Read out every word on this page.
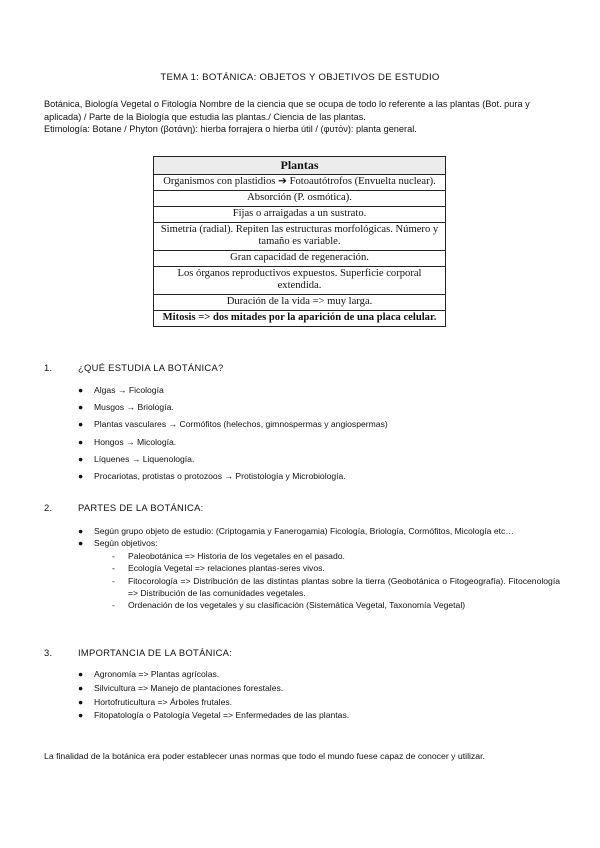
TEMA 1: BOTÁNICA: OBJETOS Y OBJETIVOS DE ESTUDIO

Botánica, Biología Vegetal o Fitología Nombre de la ciencia que se ocupa de todo lo referente a las plantas (Bot. pura y aplicada) / Parte de la Biología que estudia las plantas./ Ciencia de las plantas.

Etimología: Botane / Phyton (βοτάνη): hierba forrajera o hierba útil / (φυτόν): planta general.

Plantas
Organismos con plastidios ➔ Fotoautótrofos (Envuelta nuclear).
Absorción (P. osmótica).
Fijas o arraigadas a un sustrato.
Simetría (radial). Repiten las estructuras morfológicas. Número y tamaño es variable.
Gran capacidad de regeneración.
Los órganos reproductivos expuestos. Superficie corporal extendida.
Duración de la vida => muy larga.
Mitosis => dos mitades por la aparición de una placa celular.
1.	¿QUÉ ESTUDIA LA BOTÁNICA?
● Algas → Ficología
● Musgos → Briología.
● Plantas vasculares → Cormófitos (helechos, gimnospermas y angiospermas)
● Hongos → Micología.
● Líquenes → Liquenología.
● Procariotas, protistas o protozoos → Protistología y Microbiología.
2.	PARTES DE LA BOTÁNICA:
● Según grupo objeto de estudio: (Criptogamia y Fanerogamia) Ficología, Briología, Cormófitos, Micología etc…
● Según objetivos:
- Paleobotánica => Historia de los vegetales en el pasado.
- Ecología Vegetal => relaciones plantas-seres vivos.
- Fitocorología => Distribución de las distintas plantas sobre la tierra (Geobotánica o Fitogeografía). Fitocenología => Distribución de las comunidades vegetales.
- Ordenación de los vegetales y su clasificación (Sistemática Vegetal, Taxonomía Vegetal)
3.	IMPORTANCIA DE LA BOTÁNICA:
● Agronomía => Plantas agrícolas.
● Silvicultura => Manejo de plantaciones forestales.
● Hortofruticultura => Árboles frutales.
● Fitopatología o Patología Vegetal => Enfermedades de las plantas.
La finalidad de la botánica era poder establecer unas normas que todo el mundo fuese capaz de conocer y utilizar.
